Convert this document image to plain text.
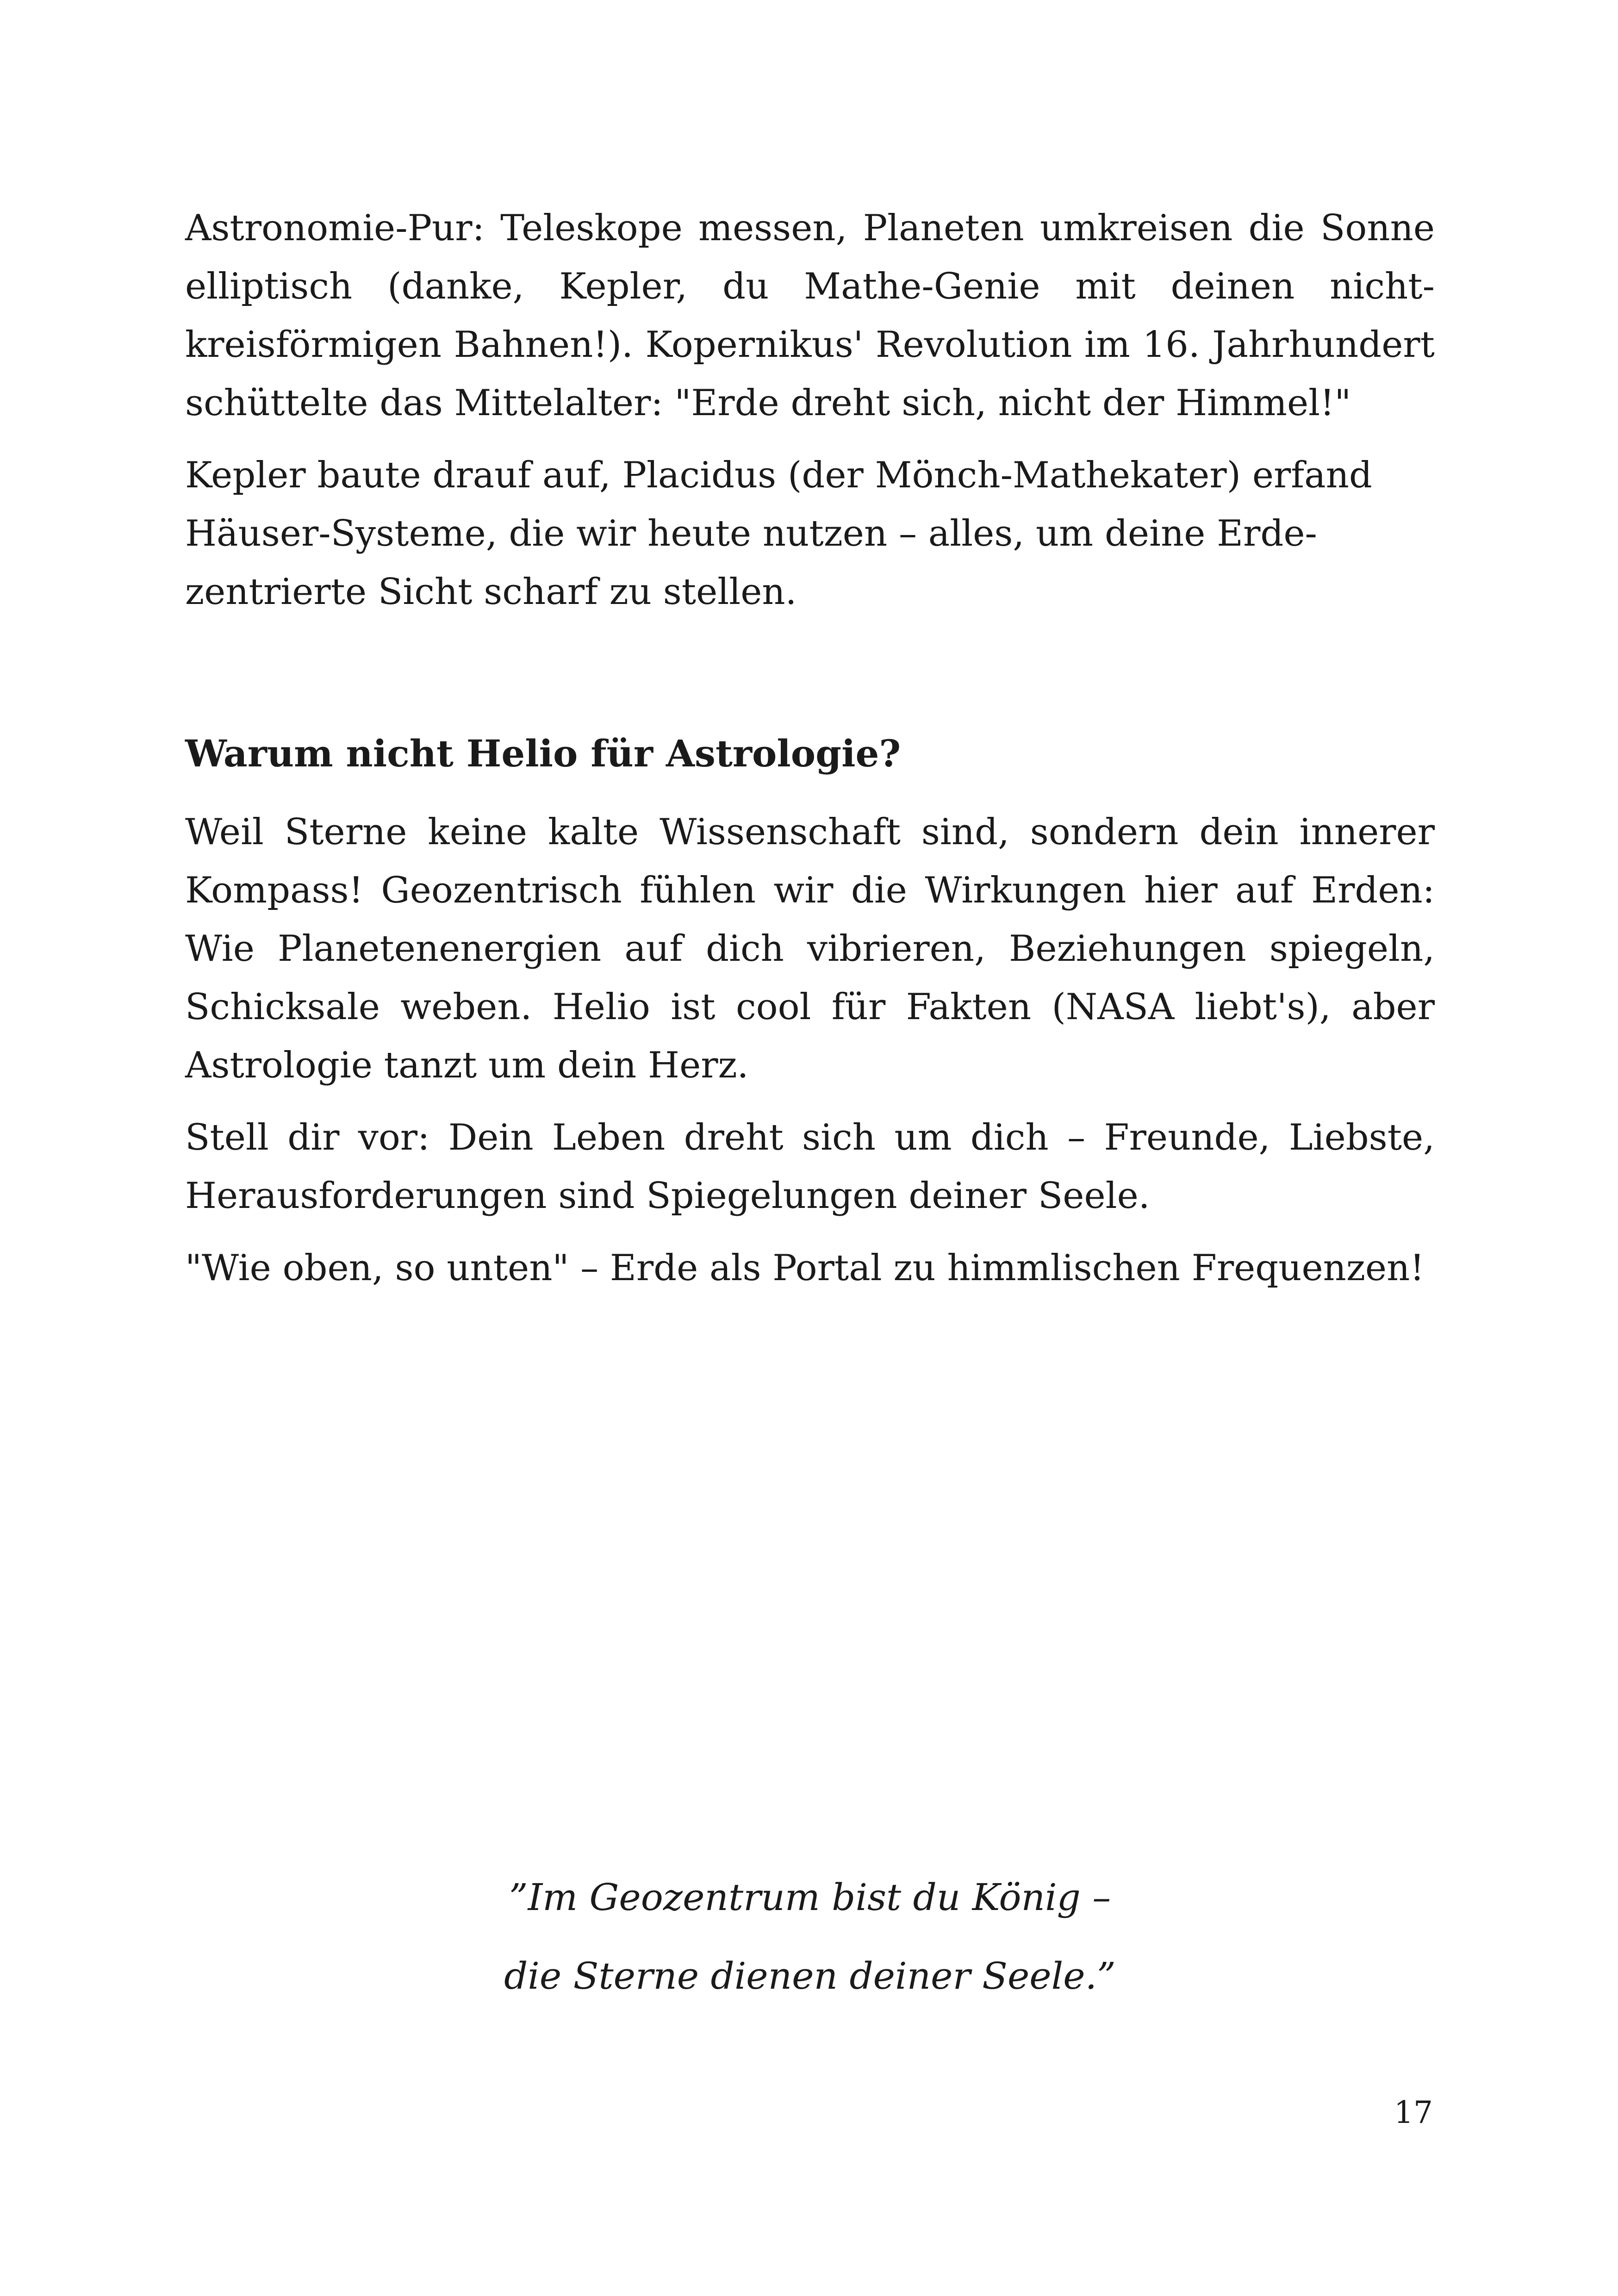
Astronomie-Pur: Teleskope messen, Planeten umkreisen die Sonne elliptisch (danke, Kepler, du Mathe-Genie mit deinen nichtkreisförmigen Bahnen!). Kopernikus' Revolution im 16. Jahrhundert schüttelte das Mittelalter: "Erde dreht sich, nicht der Himmel!"

Kepler baute drauf auf, Placidus (der Mönch-Mathekater) erfand Häuser-Systeme, die wir heute nutzen – alles, um deine Erdezentrierte Sicht scharf zu stellen.

Warum nicht Helio für Astrologie?

Weil Sterne keine kalte Wissenschaft sind, sondern dein innerer Kompass! Geozentrisch fühlen wir die Wirkungen hier auf Erden: Wie Planetenenergien auf dich vibrieren, Beziehungen spiegeln, Schicksale weben. Helio ist cool für Fakten (NASA liebt's), aber Astrologie tanzt um dein Herz.

Stell dir vor: Dein Leben dreht sich um dich – Freunde, Liebste, Herausforderungen sind Spiegelungen deiner Seele.

"Wie oben, so unten" – Erde als Portal zu himmlischen Frequenzen!

”Im Geozentrum bist du König –

die Sterne dienen deiner Seele.”

17
